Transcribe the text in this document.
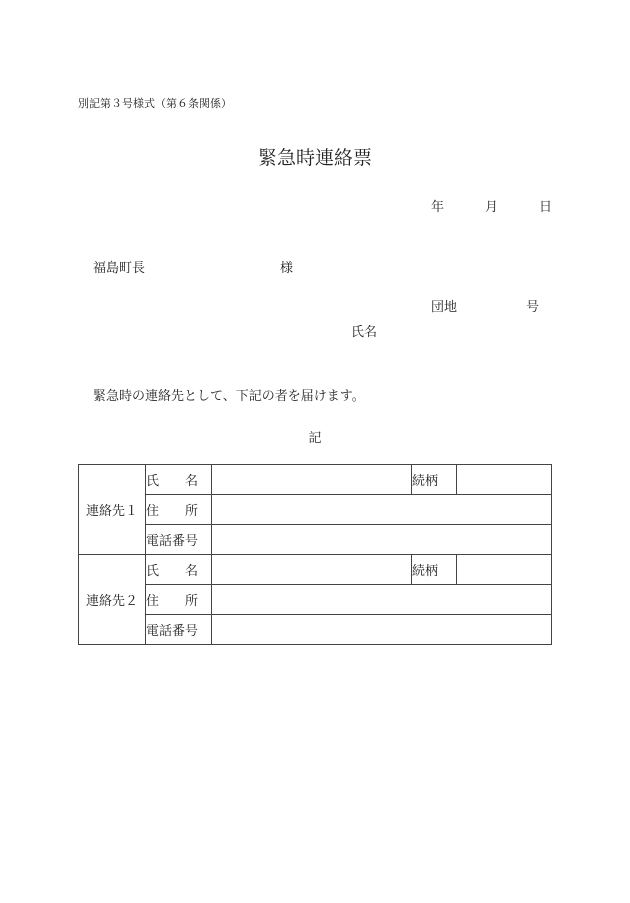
別記第３号様式（第６条関係）
緊急時連絡票
年	月	日
福島町長	様
団地	号
氏名
緊急時の連絡先として、下記の者を届けます。
記
連絡先１	氏 名		続柄	

	住 所			

	電話番号			
連絡先２	氏 名		続柄	

	住 所			

	電話番号			
